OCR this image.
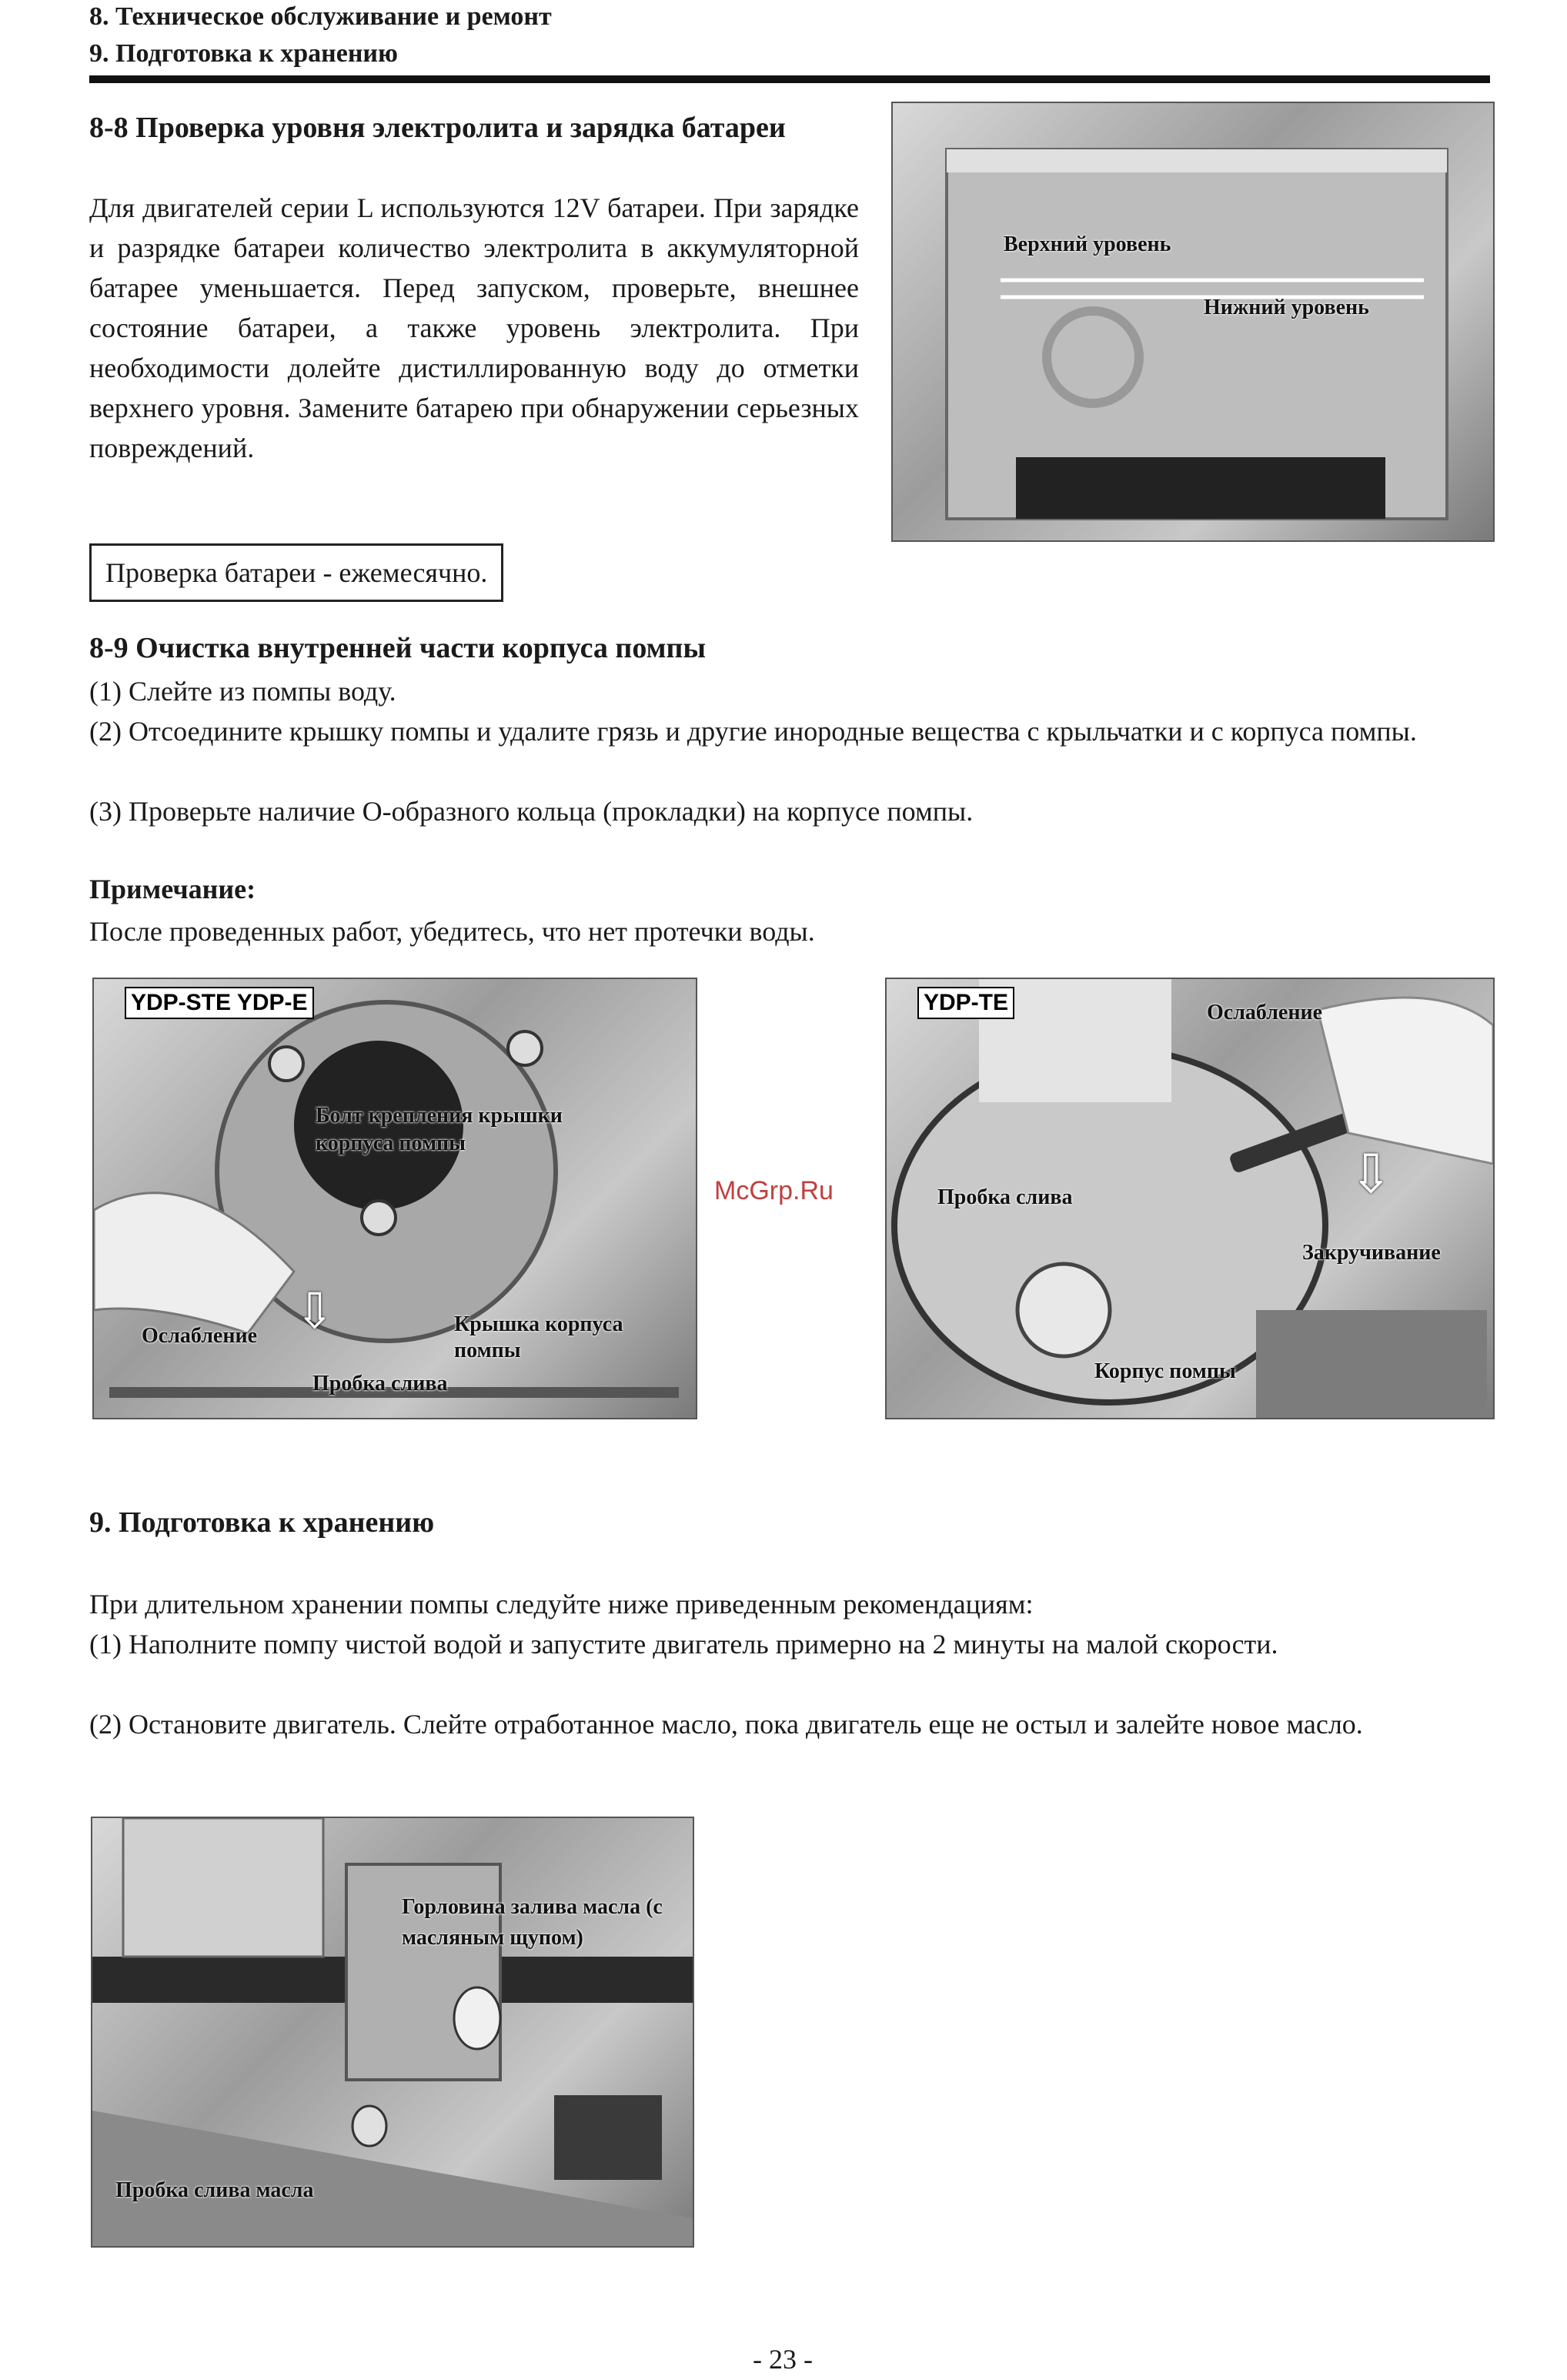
8. Техническое обслуживание и ремонт
9. Подготовка к хранению
8-8 Проверка уровня электролита и зарядка батареи
Для двигателей серии L используются 12V батареи. При зарядке и разрядке батареи количество электролита в аккумуляторной батарее уменьшается. Перед запуском, проверьте, внешнее состояние батареи, а также уровень электролита. При необходимости долейте дистиллированную воду до отметки верхнего уровня. Замените батарею при обнаружении серьезных повреждений.
Проверка батареи - ежемесячно.
Верхний уровень
Нижний уровень
8-9 Очистка внутренней части корпуса помпы
(1) Слейте из помпы воду.
(2) Отсоедините крышку помпы и удалите грязь и другие инородные вещества с крыльчатки и с корпуса помпы.
(3) Проверьте наличие О-образного кольца (прокладки) на корпусе помпы.
Примечание:
После проведенных работ, убедитесь, что нет протечки воды.
YDP-STE YDP-E
Болт крепления крышки корпуса помпы
Ослабление	Крышка корпуса помпы
Пробка слива
⇩
McGrp.Ru
YDP-TE	Ослабление
Пробка слива
Закручивание
Корпус помпы
⇩
9. Подготовка к хранению
При длительном хранении помпы следуйте ниже приведенным рекомендациям:
(1) Наполните помпу чистой водой и запустите двигатель примерно на 2 минуты на малой скорости.
(2) Остановите двигатель. Слейте отработанное масло, пока двигатель еще не остыл и залейте новое масло.
Горловина залива масла (с масляным щупом)
Пробка слива масла
- 23 -
